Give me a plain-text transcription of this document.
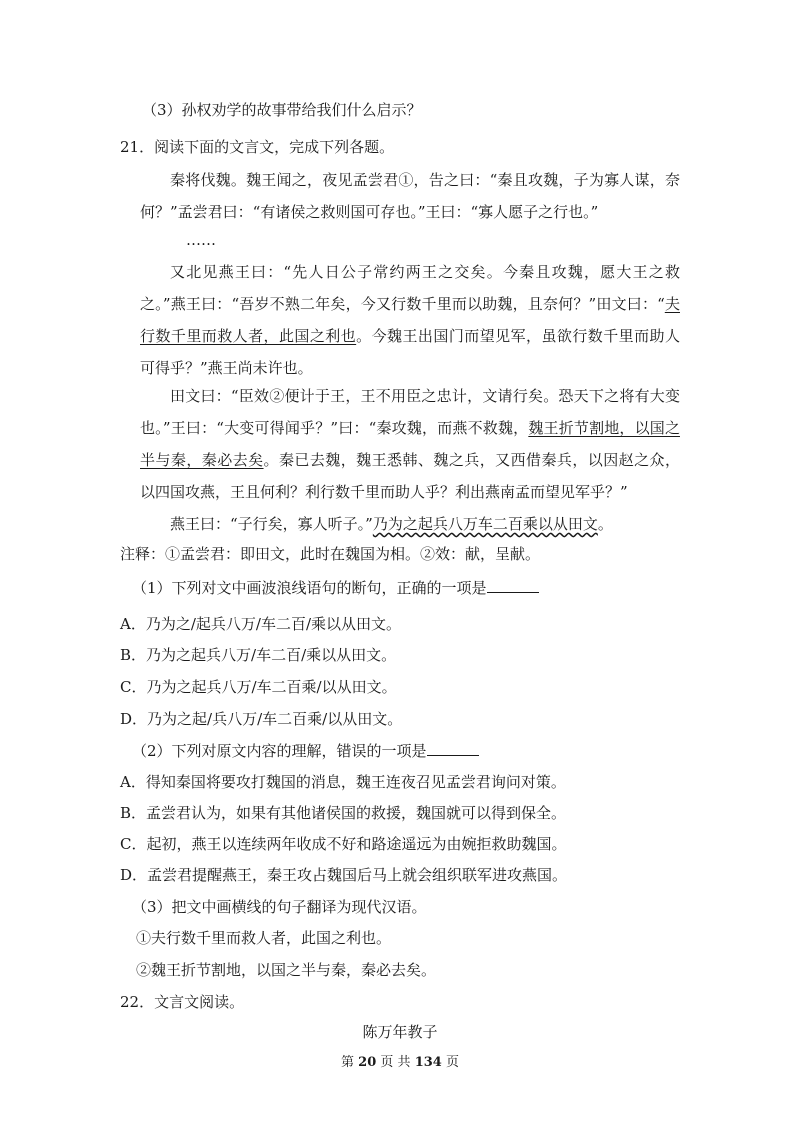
（3）孙权劝学的故事带给我们什么启示？
21．阅读下面的文言文，完成下列各题。
秦将伐魏。魏王闻之，夜见孟尝君①，告之曰：“秦且攻魏，子为寡人谋，奈何？”孟尝君曰：“有诸侯之救则国可存也。”王曰：“寡人愿子之行也。”
……
又北见燕王曰：“先人日公子常约两王之交矣。今秦且攻魏，愿大王之救之。”燕王曰：“吾岁不熟二年矣，今又行数千里而以助魏，且奈何？”田文曰：“夫行数千里而救人者，此国之利也。今魏王出国门而望见军，虽欲行数千里而助人可得乎？”燕王尚未许也。
田文曰：“臣效②便计于王，王不用臣之忠计，文请行矣。恐天下之将有大变也。”王曰：“大变可得闻乎？”曰：“秦攻魏，而燕不救魏，魏王折节割地，以国之半与秦，秦必去矣。秦已去魏，魏王悉韩、魏之兵，又西借秦兵，以因赵之众，以四国攻燕，王且何利？利行数千里而助人乎？利出燕南孟而望见军乎？”
燕王曰：“子行矣，寡人听子。”乃为之起兵八万车二百乘以从田文。
注释：①孟尝君：即田文，此时在魏国为相。②效：献，呈献。
（1）下列对文中画波浪线语句的断句，正确的一项是
A．乃为之/起兵八万/车二百/乘以从田文。
B．乃为之起兵八万/车二百/乘以从田文。
C．乃为之起兵八万/车二百乘/以从田文。
D．乃为之起/兵八万/车二百乘/以从田文。
（2）下列对原文内容的理解，错误的一项是
A．得知秦国将要攻打魏国的消息，魏王连夜召见孟尝君询问对策。
B．孟尝君认为，如果有其他诸侯国的救援，魏国就可以得到保全。
C．起初，燕王以连续两年收成不好和路途遥远为由婉拒救助魏国。
D．孟尝君提醒燕王，秦王攻占魏国后马上就会组织联军进攻燕国。
（3）把文中画横线的句子翻译为现代汉语。
①夫行数千里而救人者，此国之利也。
②魏王折节割地，以国之半与秦，秦必去矣。
22．文言文阅读。
陈万年教子
第 20 页 共 134 页
